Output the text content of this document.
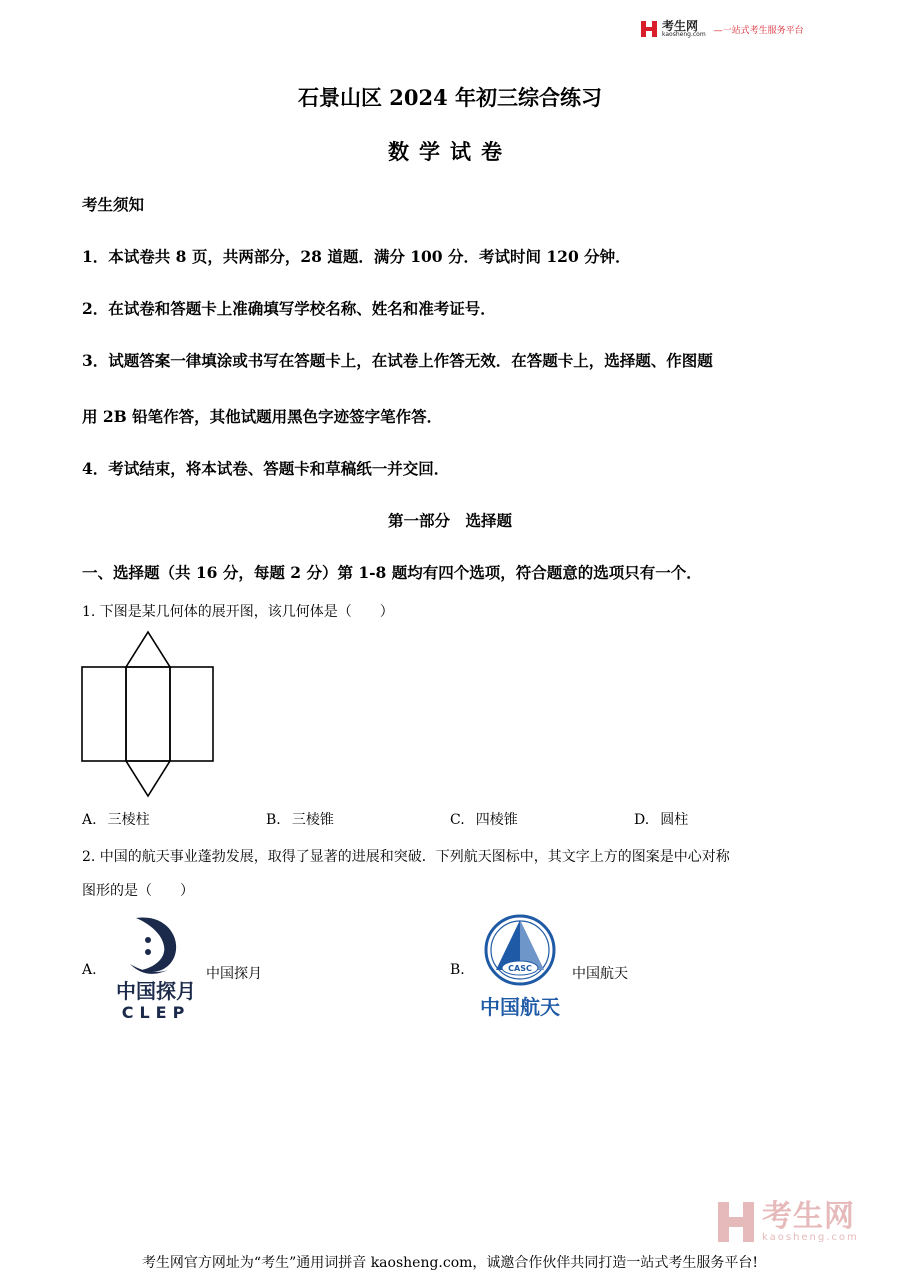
考生网
kaosheng.com —一站式考生服务平台
石景山区 2024 年初三综合练习
数学试卷
考生须知
1．本试卷共 8 页，共两部分，28 道题．满分 100 分．考试时间 120 分钟．
2．在试卷和答题卡上准确填写学校名称、姓名和准考证号．
3．试题答案一律填涂或书写在答题卡上，在试卷上作答无效．在答题卡上，选择题、作图题
用 2B 铅笔作答，其他试题用黑色字迹签字笔作答．
4．考试结束，将本试卷、答题卡和草稿纸一并交回．
第一部分　选择题
一、选择题（共 16 分，每题 2 分）第 1-8 题均有四个选项，符合题意的选项只有一个．
1. 下图是某几何体的展开图，该几何体是（　　）
A. 三棱柱	B. 三棱锥	C. 四棱锥	D. 圆柱
2. 中国的航天事业蓬勃发展，取得了显著的进展和突破．下列航天图标中，其文字上方的图案是中心对称
图形的是（　　）
A.
中国探月
CLEP
中国探月	B.	CASC
中国航天
中国航天
考生网
kaosheng.com
考生网官方网址为“考生”通用词拼音 kaosheng.com，诚邀合作伙伴共同打造一站式考生服务平台!
